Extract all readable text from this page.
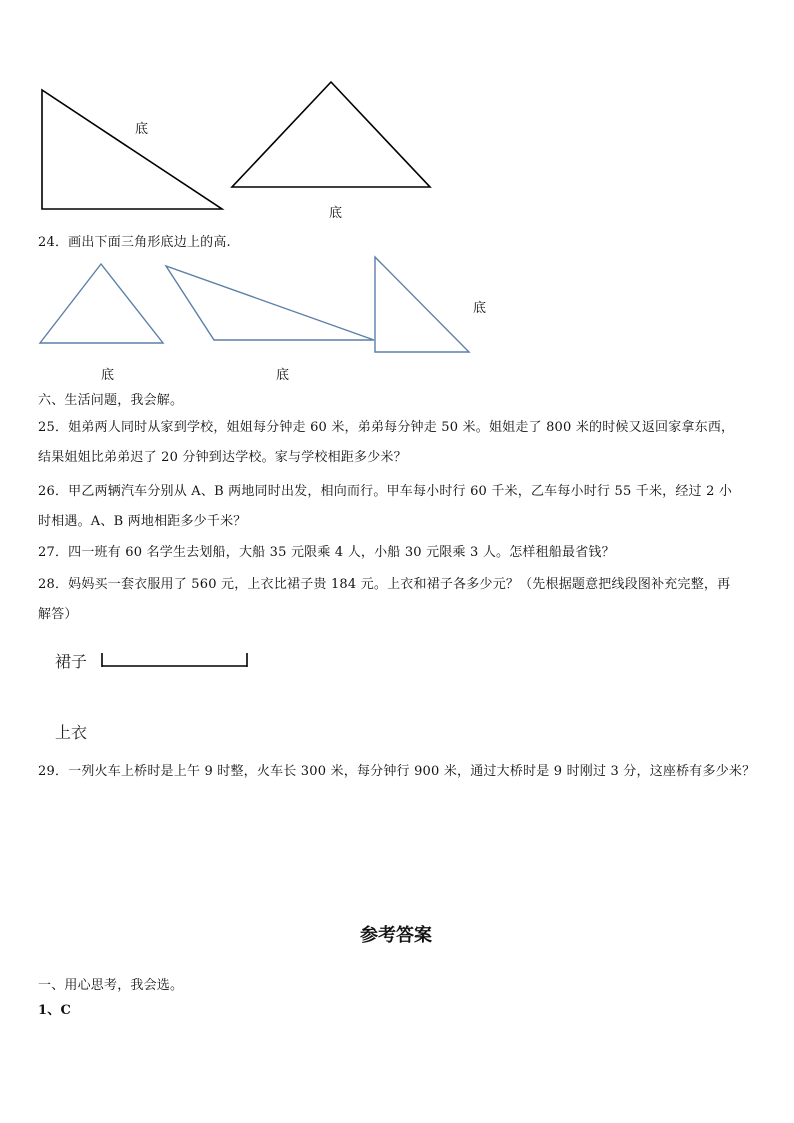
底
底
24．画出下面三角形底边上的高.
底	底
底
六、生活问题，我会解。
25．姐弟两人同时从家到学校，姐姐每分钟走 60 米，弟弟每分钟走 50 米。姐姐走了 800 米的时候又返回家拿东西，
结果姐姐比弟弟迟了 20 分钟到达学校。家与学校相距多少米？
26．甲乙两辆汽车分别从 A、B 两地同时出发，相向而行。甲车每小时行 60 千米，乙车每小时行 55 千米，经过 2 小
时相遇。A、B 两地相距多少千米？
27．四一班有 60 名学生去划船，大船 35 元限乘 4 人，小船 30 元限乘 3 人。怎样租船最省钱？
28．妈妈买一套衣服用了 560 元，上衣比裙子贵 184 元。上衣和裙子各多少元？（先根据题意把线段图补充完整，再
解答）
裙子
上衣
29．一列火车上桥时是上午 9 时整，火车长 300 米，每分钟行 900 米，通过大桥时是 9 时刚过 3 分，这座桥有多少米？
参考答案
一、用心思考，我会选。
1、C
